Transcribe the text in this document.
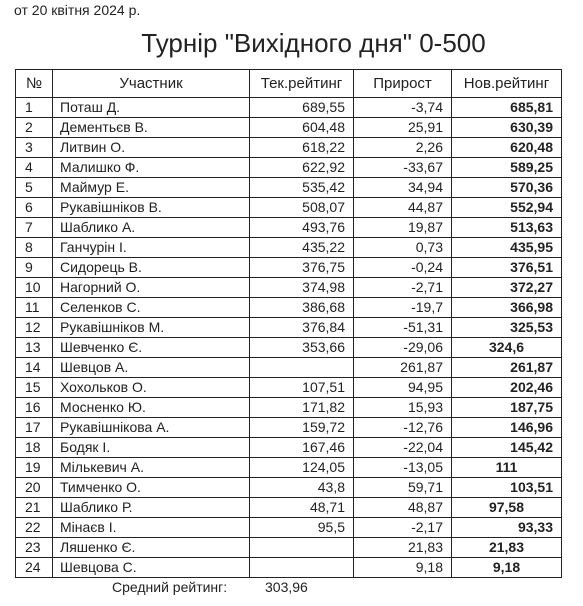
от 20 квітня 2024 р.
Турнір "Вихідного дня" 0-500
№	Участник	Тек.рейтинг	Прирост	Нов.рейтинг
1	Поташ Д.	689,55	-3,74	685,81
2	Дементьєв В.	604,48	25,91	630,39
3	Литвин О.	618,22	2,26	620,48
4	Малишко Ф.	622,92	-33,67	589,25
5	Маймур Е.	535,42	34,94	570,36
6	Рукавішніков В.	508,07	44,87	552,94
7	Шаблико А.	493,76	19,87	513,63
8	Ганчурін І.	435,22	0,73	435,95
9	Сидорець В.	376,75	-0,24	376,51
10	Нагорний О.	374,98	-2,71	372,27
11	Селенков С.	386,68	-19,7	366,98
12	Рукавішніков М.	376,84	-51,31	325,53
13	Шевченко Є.	353,66	-29,06	324,6
14	Шевцов А.		261,87	261,87
15	Хохольков О.	107,51	94,95	202,46
16	Мосненко Ю.	171,82	15,93	187,75
17	Рукавішнікова А.	159,72	-12,76	146,96
18	Бодяк І.	167,46	-22,04	145,42
19	Мількевич А.	124,05	-13,05	111
20	Тимченко О.	43,8	59,71	103,51
21	Шаблико Р.	48,71	48,87	97,58
22	Мінаєв І.	95,5	-2,17	93,33
23	Ляшенко Є.		21,83	21,83
24	Шевцова С.		9,18	9,18
Средний рейтинг:	303,96
